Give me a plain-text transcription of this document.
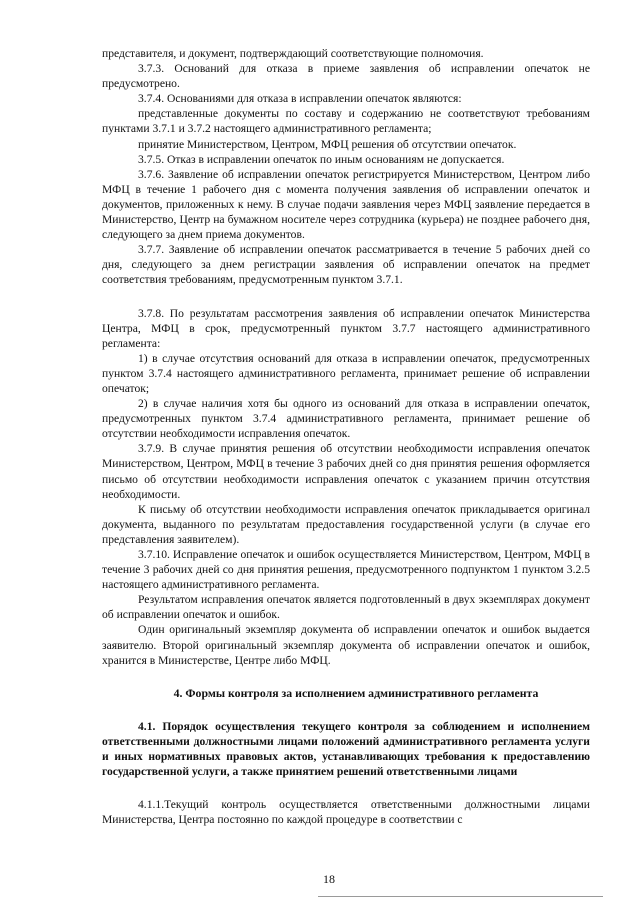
представителя, и документ, подтверждающий соответствующие полномочия.

3.7.3. Оснований для отказа в приеме заявления об исправлении опечаток не предусмотрено.

3.7.4. Основаниями для отказа в исправлении опечаток являются:

представленные документы по составу и содержанию не соответствуют требованиям пунктами 3.7.1 и 3.7.2 настоящего административного регламента;

принятие Министерством, Центром, МФЦ решения об отсутствии опечаток.

3.7.5. Отказ в исправлении опечаток по иным основаниям не допускается.

3.7.6. Заявление об исправлении опечаток регистрируется Министерством, Центром либо МФЦ в течение 1 рабочего дня с момента получения заявления об исправлении опечаток и документов, приложенных к нему. В случае подачи заявления через МФЦ заявление передается в Министерство, Центр на бумажном носителе через сотрудника (курьера) не позднее рабочего дня, следующего за днем приема документов.

3.7.7. Заявление об исправлении опечаток рассматривается в течение 5 рабочих дней со дня, следующего за днем регистрации заявления об исправлении опечаток на предмет соответствия требованиям, предусмотренным пунктом 3.7.1.

3.7.8. По результатам рассмотрения заявления об исправлении опечаток Министерства Центра, МФЦ в срок, предусмотренный пунктом 3.7.7 настоящего административного регламента:

1) в случае отсутствия оснований для отказа в исправлении опечаток, предусмотренных пунктом 3.7.4 настоящего административного регламента, принимает решение об исправлении опечаток;

2) в случае наличия хотя бы одного из оснований для отказа в исправлении опечаток, предусмотренных пунктом 3.7.4 административного регламента, принимает решение об отсутствии необходимости исправления опечаток.

3.7.9. В случае принятия решения об отсутствии необходимости исправления опечаток Министерством, Центром, МФЦ в течение 3 рабочих дней со дня принятия решения оформляется письмо об отсутствии необходимости исправления опечаток с указанием причин отсутствия необходимости.

К письму об отсутствии необходимости исправления опечаток прикладывается оригинал документа, выданного по результатам предоставления государственной услуги (в случае его представления заявителем).

3.7.10. Исправление опечаток и ошибок осуществляется Министерством, Центром, МФЦ в течение 3 рабочих дней со дня принятия решения, предусмотренного подпунктом 1 пунктом 3.2.5 настоящего административного регламента.

Результатом исправления опечаток является подготовленный в двух экземплярах документ об исправлении опечаток и ошибок.

Один оригинальный экземпляр документа об исправлении опечаток и ошибок выдается заявителю. Второй оригинальный экземпляр документа об исправлении опечаток и ошибок, хранится в Министерстве, Центре либо МФЦ.

4. Формы контроля за исполнением административного регламента

4.1. Порядок осуществления текущего контроля за соблюдением и исполнением ответственными должностными лицами положений административного регламента услуги и иных нормативных правовых актов, устанавливающих требования к предоставлению государственной услуги, а также принятием решений ответственными лицами

4.1.1.Текущий контроль осуществляется ответственными должностными лицами Министерства, Центра постоянно по каждой процедуре в соответствии с

18
